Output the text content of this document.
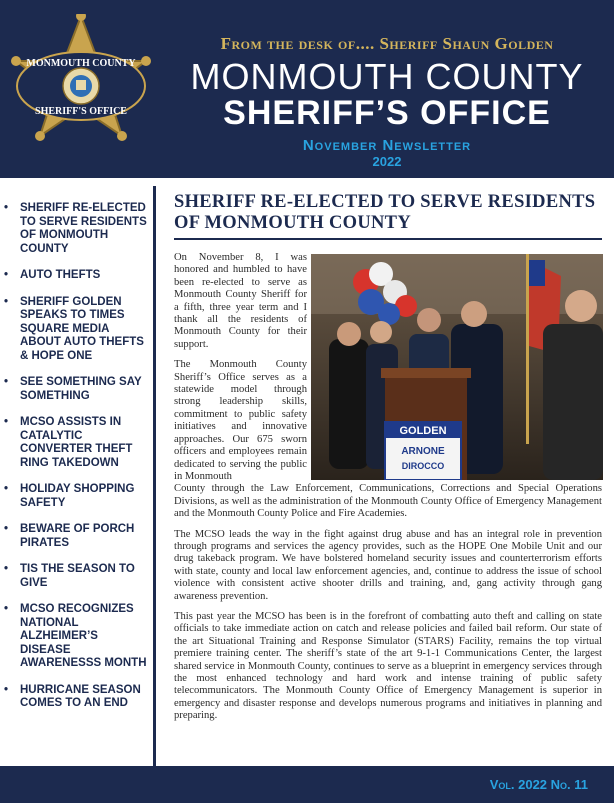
MONMOUTH COUNTY
SHERIFF'S OFFICE
From the desk of.... Sheriff Shaun Golden
MONMOUTH COUNTY
SHERIFF’S OFFICE
November Newsletter
2022
• SHERIFF RE-ELECTED TO SERVE RESIDENTS OF MONMOUTH COUNTY
• AUTO THEFTS
• SHERIFF GOLDEN SPEAKS TO TIMES SQUARE MEDIA ABOUT AUTO THEFTS & HOPE ONE
• SEE SOMETHING SAY SOMETHING
• MCSO ASSISTS IN CATALYTIC CONVERTER THEFT RING TAKEDOWN
• HOLIDAY SHOPPING SAFETY
• BEWARE OF PORCH PIRATES
• TIS THE SEASON TO GIVE
• MCSO RECOGNIZES NATIONAL ALZHEIMER’S DISEASE AWARENESSS MONTH
• HURRICANE SEASON COMES TO AN END
SHERIFF RE-ELECTED TO SERVE RESIDENTS OF MONMOUTH COUNTY
GOLDEN
ARNONE
DIROCCO

On November 8, I was honored and humbled to have been re-elected to serve as Monmouth County Sheriff for a fifth, three year term and I thank all the residents of Monmouth County for their support.

The Monmouth County Sheriff’s Office serves as a statewide model through strong leadership skills, commitment to public safety initiatives and innovative approaches. Our 675 sworn officers and employees remain dedicated to serving the public in Monmouth

County through the Law Enforcement, Communications, Corrections and Special Operations Divisions, as well as the administration of the Monmouth County Office of Emergency Management and the Monmouth County Police and Fire Academies.

The MCSO leads the way in the fight against drug abuse and has an integral role in prevention through programs and services the agency provides, such as the HOPE One Mobile Unit and our drug takeback program. We have bolstered homeland security issues and counterterrorism efforts with state, county and local law enforcement agencies, and, continue to address the issue of school violence with consistent active shooter drills and training, and, gang activity through gang awareness prevention.

This past year the MCSO has been is in the forefront of combatting auto theft and calling on state officials to take immediate action on catch and release policies and failed bail reform. Our state of the art Situational Training and Response Simulator (STARS) Facility, remains the top virtual premiere training center. The sheriff’s state of the art 9-1-1 Communications Center, the largest shared service in Monmouth County, continues to serve as a blueprint in emergency services through the most enhanced technology and hard work and intense training of public safety telecommunicators. The Monmouth County Office of Emergency Management is superior in emergency and disaster response and develops numerous programs and initiatives in planning and preparing.

Vol. 2022 No. 11
